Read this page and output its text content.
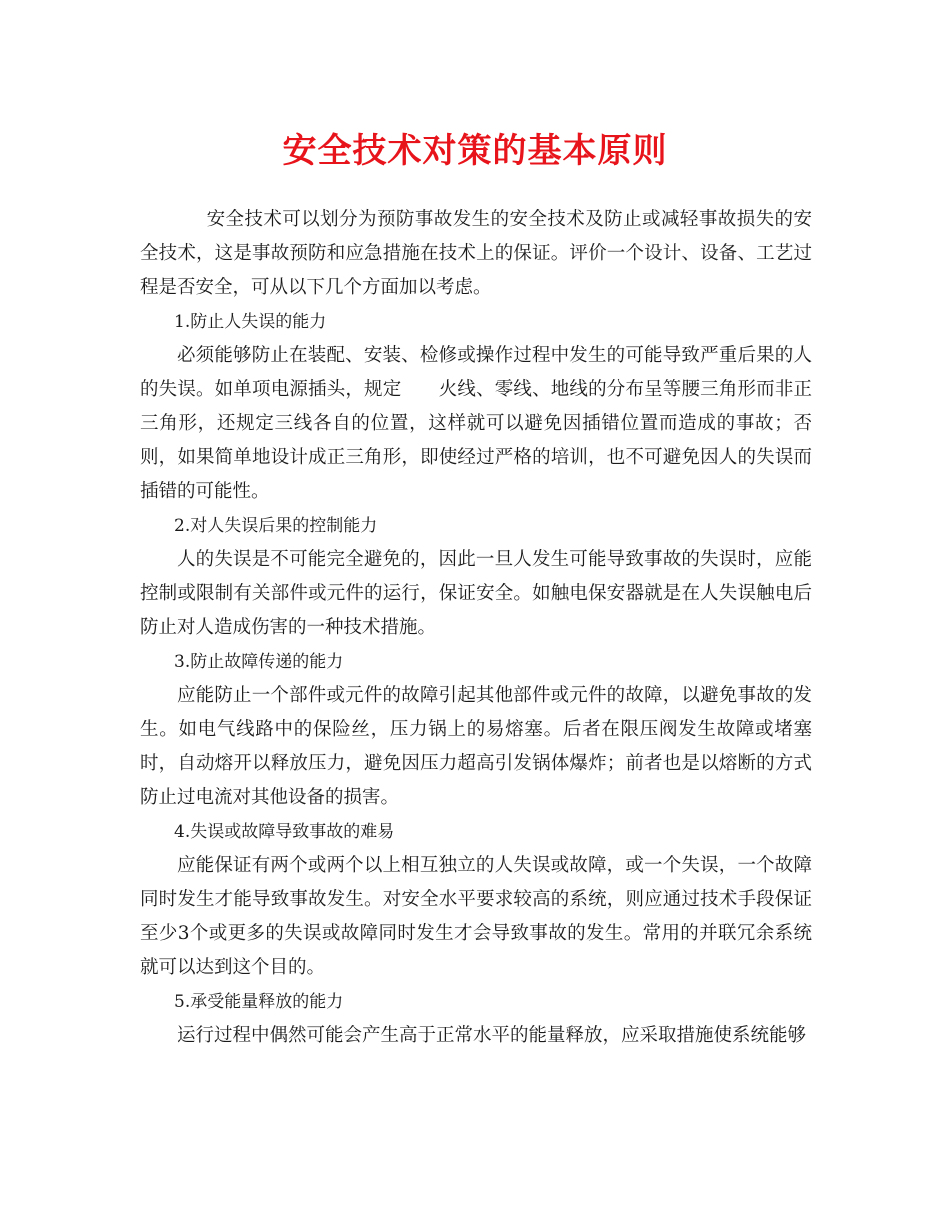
安全技术对策的基本原则

安全技术可以划分为预防事故发生的安全技术及防止或减轻事故损失的安全技术，这是事故预防和应急措施在技术上的保证。评价一个设计、设备、工艺过程是否安全，可从以下几个方面加以考虑。

1.防止人失误的能力

必须能够防止在装配、安装、检修或操作过程中发生的可能导致严重后果的人的失误。如单项电源插头，规定　　火线、零线、地线的分布呈等腰三角形而非正三角形，还规定三线各自的位置，这样就可以避免因插错位置而造成的事故；否则，如果简单地设计成正三角形，即使经过严格的培训，也不可避免因人的失误而插错的可能性。

2.对人失误后果的控制能力

人的失误是不可能完全避免的，因此一旦人发生可能导致事故的失误时，应能控制或限制有关部件或元件的运行，保证安全。如触电保安器就是在人失误触电后防止对人造成伤害的一种技术措施。

3.防止故障传递的能力

应能防止一个部件或元件的故障引起其他部件或元件的故障，以避免事故的发生。如电气线路中的保险丝，压力锅上的易熔塞。后者在限压阀发生故障或堵塞时，自动熔开以释放压力，避免因压力超高引发锅体爆炸；前者也是以熔断的方式防止过电流对其他设备的损害。

4.失误或故障导致事故的难易

应能保证有两个或两个以上相互独立的人失误或故障，或一个失误，一个故障同时发生才能导致事故发生。对安全水平要求较高的系统，则应通过技术手段保证至少3个或更多的失误或故障同时发生才会导致事故的发生。常用的并联冗余系统就可以达到这个目的。

5.承受能量释放的能力

运行过程中偶然可能会产生高于正常水平的能量释放，应采取措施使系统能够
